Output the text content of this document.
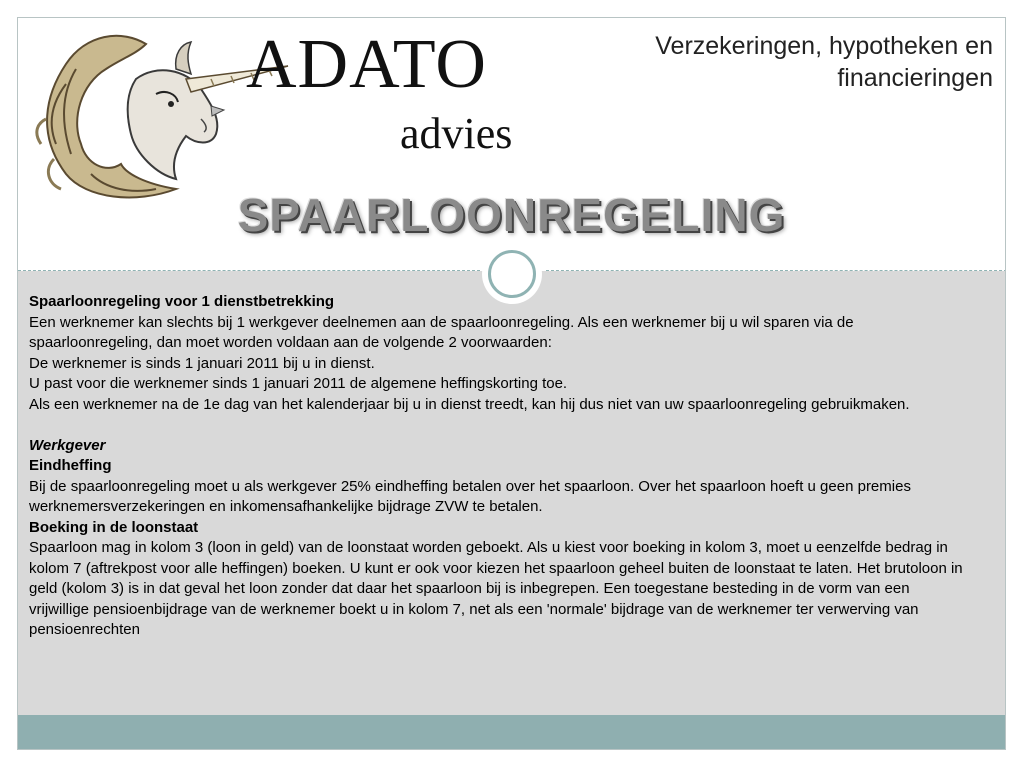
ADATO
advies
Verzekeringen, hypotheken en financieringen
SPAARLOONREGELING

Spaarloonregeling voor 1 dienstbetrekking

Een werknemer kan slechts bij 1 werkgever deelnemen aan de spaarloonregeling. Als een werknemer bij u wil sparen via de spaarloonregeling, dan moet worden voldaan aan de volgende 2 voorwaarden:

De werknemer is sinds 1 januari 2011 bij u in dienst.

U past voor die werknemer sinds 1 januari 2011 de algemene heffingskorting toe.

Als een werknemer na de 1e dag van het kalenderjaar bij u in dienst treedt, kan hij dus niet van uw spaarloonregeling gebruikmaken.

Werkgever

Eindheffing

Bij de spaarloonregeling moet u als werkgever 25% eindheffing betalen over het spaarloon. Over het spaarloon hoeft u geen premies werknemersverzekeringen en inkomensafhankelijke bijdrage ZVW te betalen.

Boeking in de loonstaat

Spaarloon mag in kolom 3 (loon in geld) van de loonstaat worden geboekt. Als u kiest voor boeking in kolom 3, moet u eenzelfde bedrag in kolom 7 (aftrekpost voor alle heffingen) boeken. U kunt er ook voor kiezen het spaarloon geheel buiten de loonstaat te laten. Het brutoloon in geld (kolom 3) is in dat geval het loon zonder dat daar het spaarloon bij is inbegrepen. Een toegestane besteding in de vorm van een vrijwillige pensioenbijdrage van de werknemer boekt u in kolom 7, net als een 'normale' bijdrage van de werknemer ter verwerving van pensioenrechten
